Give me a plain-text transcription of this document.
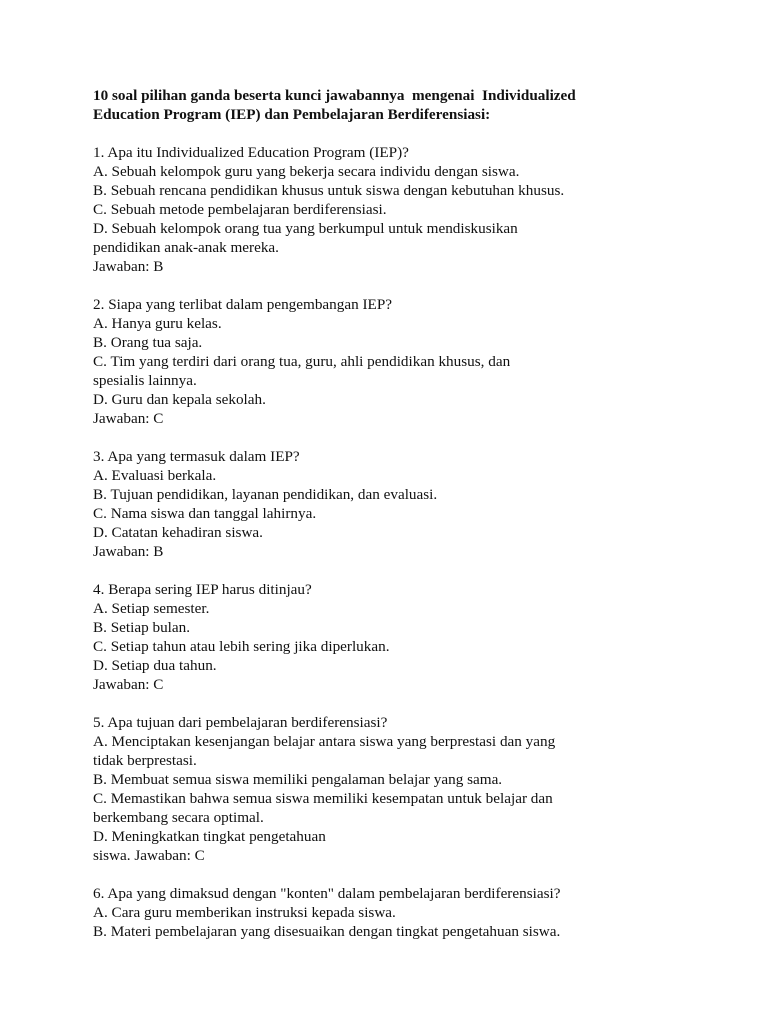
10 soal pilihan ganda beserta kunci jawabannya  mengenai  Individualized
Education Program (IEP) dan Pembelajaran Berdiferensiasi:
1. Apa itu Individualized Education Program (IEP)?
A. Sebuah kelompok guru yang bekerja secara individu dengan siswa.
B. Sebuah rencana pendidikan khusus untuk siswa dengan kebutuhan khusus.
C. Sebuah metode pembelajaran berdiferensiasi.
D. Sebuah kelompok orang tua yang berkumpul untuk mendiskusikan
pendidikan anak-anak mereka.
Jawaban: B
2. Siapa yang terlibat dalam pengembangan IEP?
A. Hanya guru kelas.
B. Orang tua saja.
C. Tim yang terdiri dari orang tua, guru, ahli pendidikan khusus, dan
spesialis lainnya.
D. Guru dan kepala sekolah.
Jawaban: C
3. Apa yang termasuk dalam IEP?
A. Evaluasi berkala.
B. Tujuan pendidikan, layanan pendidikan, dan evaluasi.
C. Nama siswa dan tanggal lahirnya.
D. Catatan kehadiran siswa.
Jawaban: B
4. Berapa sering IEP harus ditinjau?
A. Setiap semester.
B. Setiap bulan.
C. Setiap tahun atau lebih sering jika diperlukan.
D. Setiap dua tahun.
Jawaban: C
5. Apa tujuan dari pembelajaran berdiferensiasi?
A. Menciptakan kesenjangan belajar antara siswa yang berprestasi dan yang
tidak berprestasi.
B. Membuat semua siswa memiliki pengalaman belajar yang sama.
C. Memastikan bahwa semua siswa memiliki kesempatan untuk belajar dan
berkembang secara optimal.
D. Meningkatkan tingkat pengetahuan
siswa. Jawaban: C
6. Apa yang dimaksud dengan "konten" dalam pembelajaran berdiferensiasi?
A. Cara guru memberikan instruksi kepada siswa.
B. Materi pembelajaran yang disesuaikan dengan tingkat pengetahuan siswa.
